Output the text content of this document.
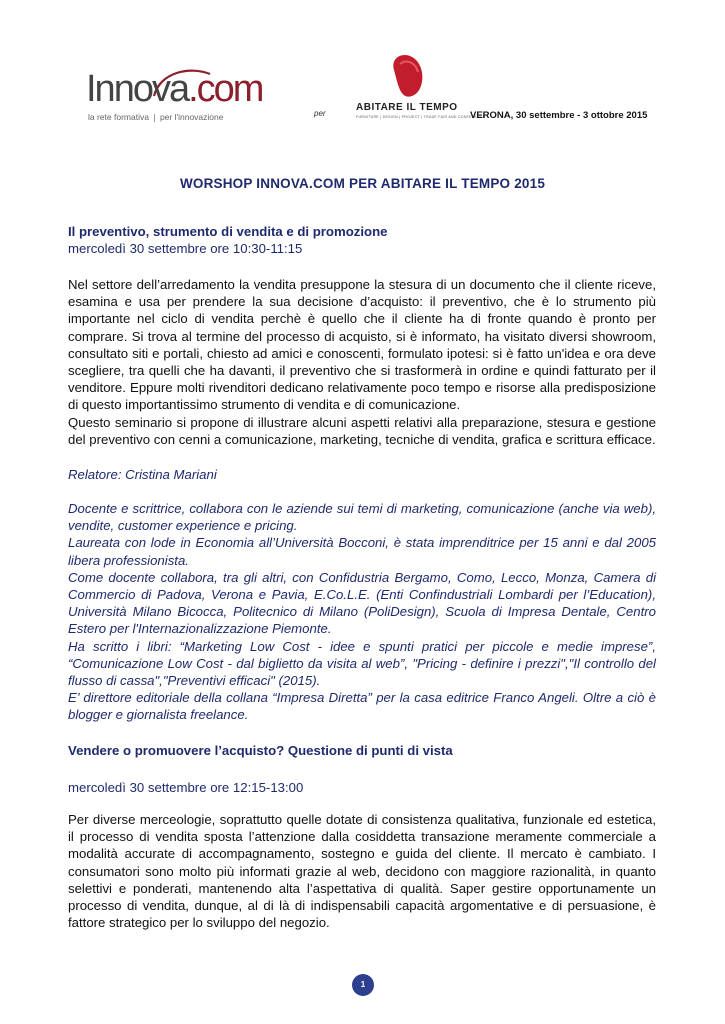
Innova.com
la rete formativa per l'innovazione	per
ABITARE IL TEMPO
FURNITURE | DESIGN | PROJECT | TRADE FAIR AND CONFERENCE
VERONA, 30 settembre - 3 ottobre 2015
WORSHOP INNOVA.COM PER ABITARE IL TEMPO 2015
Il preventivo, strumento di vendita e di promozione
mercoledì 30 settembre ore 10:30-11:15

Nel settore dell’arredamento la vendita presuppone la stesura di un documento che il cliente riceve, esamina e usa per prendere la sua decisione d’acquisto: il preventivo, che è lo strumento più importante nel ciclo di vendita perchè è quello che il cliente ha di fronte quando è pronto per comprare. Si trova al termine del processo di acquisto, si è informato, ha visitato diversi showroom, consultato siti e portali, chiesto ad amici e conoscenti, formulato ipotesi: si è fatto un'idea e ora deve scegliere, tra quelli che ha davanti, il preventivo che si trasformerà in ordine e quindi fatturato per il venditore. Eppure molti rivenditori dedicano relativamente poco tempo e risorse alla predisposizione di questo importantissimo strumento di vendita e di comunicazione.

Questo seminario si propone di illustrare alcuni aspetti relativi alla preparazione, stesura e gestione del preventivo con cenni a comunicazione, marketing, tecniche di vendita, grafica e scrittura efficace.

Relatore: Cristina Mariani

Docente e scrittrice, collabora con le aziende sui temi di marketing, comunicazione (anche via web), vendite, customer experience e pricing.

Laureata con lode in Economia all’Università Bocconi, è stata imprenditrice per 15 anni e dal 2005 libera professionista.

Come docente collabora, tra gli altri, con Confidustria Bergamo, Como, Lecco, Monza, Camera di Commercio di Padova, Verona e Pavia, E.Co.L.E. (Enti Confindustriali Lombardi per l’Education), Università Milano Bicocca, Politecnico di Milano (PoliDesign), Scuola di Impresa Dentale, Centro Estero per l'Internazionalizzazione Piemonte.

Ha scritto i libri: “Marketing Low Cost - idee e spunti pratici per piccole e medie imprese”, “Comunicazione Low Cost - dal biglietto da visita al web”, "Pricing - definire i prezzi","Il controllo del flusso di cassa","Preventivi efficaci" (2015).

E’ direttore editoriale della collana “Impresa Diretta” per la casa editrice Franco Angeli. Oltre a ciò è blogger e giornalista freelance.

Vendere o promuovere l’acquisto? Questione di punti di vista
mercoledì 30 settembre ore 12:15-13:00

Per diverse merceologie, soprattutto quelle dotate di consistenza qualitativa, funzionale ed estetica, il processo di vendita sposta l’attenzione dalla cosiddetta transazione meramente commerciale a modalità accurate di accompagnamento, sostegno e guida del cliente. Il mercato è cambiato. I consumatori sono molto più informati grazie al web, decidono con maggiore razionalità, in quanto selettivi e ponderati, mantenendo alta l’aspettativa di qualità. Saper gestire opportunamente un processo di vendita, dunque, al di là di indispensabili capacità argomentative e di persuasione, è fattore strategico per lo sviluppo del negozio.

1
